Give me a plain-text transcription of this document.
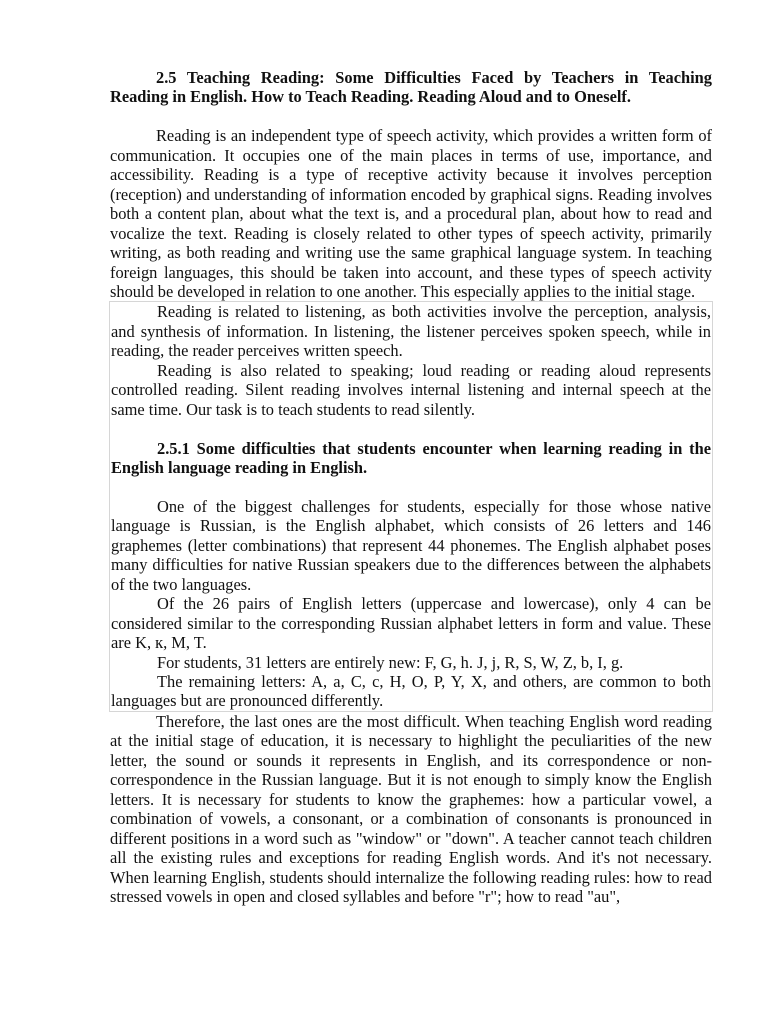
2.5 Teaching Reading: Some Difficulties Faced by Teachers in Teaching Reading in English. How to Teach Reading. Reading Aloud and to Oneself.

Reading is an independent type of speech activity, which provides a written form of communication. It occupies one of the main places in terms of use, importance, and accessibility. Reading is a type of receptive activity because it involves perception (reception) and understanding of information encoded by graphical signs. Reading involves both a content plan, about what the text is, and a procedural plan, about how to read and vocalize the text. Reading is closely related to other types of speech activity, primarily writing, as both reading and writing use the same graphical language system. In teaching foreign languages, this should be taken into account, and these types of speech activity should be developed in relation to one another. This especially applies to the initial stage.

Reading is related to listening, as both activities involve the perception, analysis, and synthesis of information. In listening, the listener perceives spoken speech, while in reading, the reader perceives written speech.

Reading is also related to speaking; loud reading or reading aloud represents controlled reading. Silent reading involves internal listening and internal speech at the same time. Our task is to teach students to read silently.

2.5.1 Some difficulties that students encounter when learning reading in the English language reading in English.

One of the biggest challenges for students, especially for those whose native language is Russian, is the English alphabet, which consists of 26 letters and 146 graphemes (letter combinations) that represent 44 phonemes. The English alphabet poses many difficulties for native Russian speakers due to the differences between the alphabets of the two languages.

Of the 26 pairs of English letters (uppercase and lowercase), only 4 can be considered similar to the corresponding Russian alphabet letters in form and value. These are K, к, M, T.

For students, 31 letters are entirely new: F, G, h. J, j, R, S, W, Z, b, I, g.

The remaining letters: A, a, C, c, H, O, P, Y, X, and others, are common to both languages but are pronounced differently.

Therefore, the last ones are the most difficult. When teaching English word reading at the initial stage of education, it is necessary to highlight the peculiarities of the new letter, the sound or sounds it represents in English, and its correspondence or non-correspondence in the Russian language. But it is not enough to simply know the English letters. It is necessary for students to know the graphemes: how a particular vowel, a combination of vowels, a consonant, or a combination of consonants is pronounced in different positions in a word such as "window" or "down". A teacher cannot teach children all the existing rules and exceptions for reading English words. And it's not necessary. When learning English, students should internalize the following reading rules: how to read stressed vowels in open and closed syllables and before "r"; how to read "au",
